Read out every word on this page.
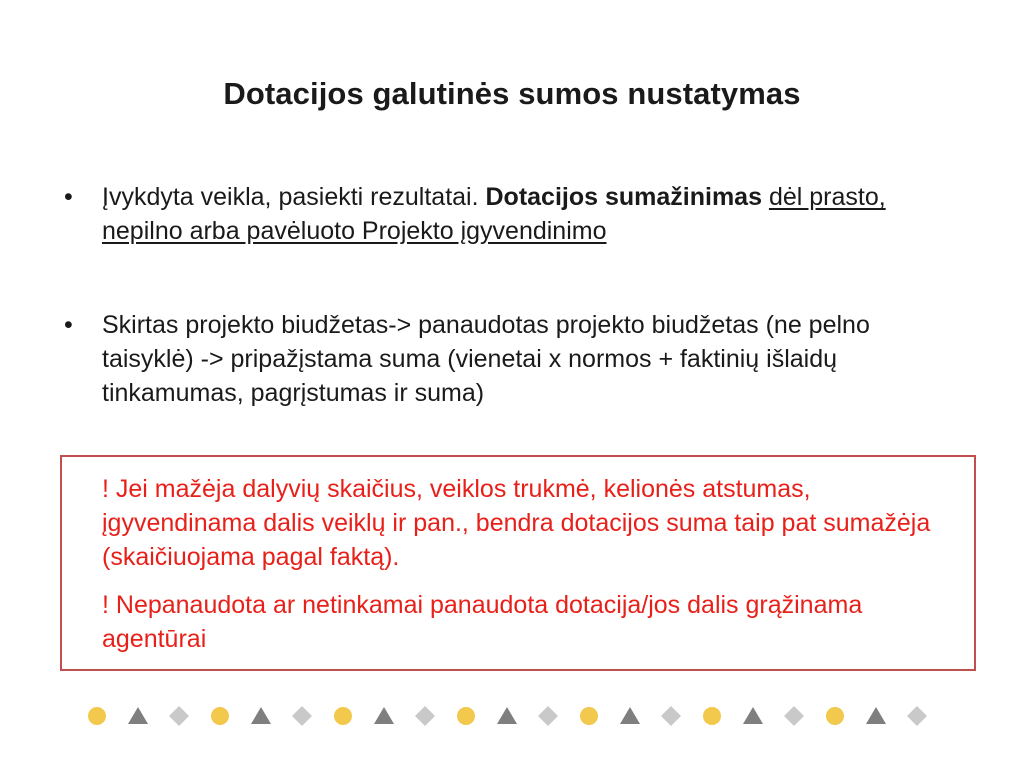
Dotacijos galutinės sumos nustatymas
•	Įvykdyta veikla, pasiekti rezultatai. Dotacijos sumažinimas dėl prasto, nepilno arba pavėluoto Projekto įgyvendinimo
•	Skirtas projekto biudžetas-> panaudotas projekto biudžetas (ne pelno taisyklė) -> pripažįstama suma (vienetai x normos + faktinių išlaidų tinkamumas, pagrįstumas ir suma)
! Jei mažėja dalyvių skaičius, veiklos trukmė, kelionės atstumas, įgyvendinama dalis veiklų ir pan., bendra dotacijos suma taip pat sumažėja (skaičiuojama pagal faktą).
! Nepanaudota ar netinkamai panaudota dotacija/jos dalis grąžinama agentūrai
